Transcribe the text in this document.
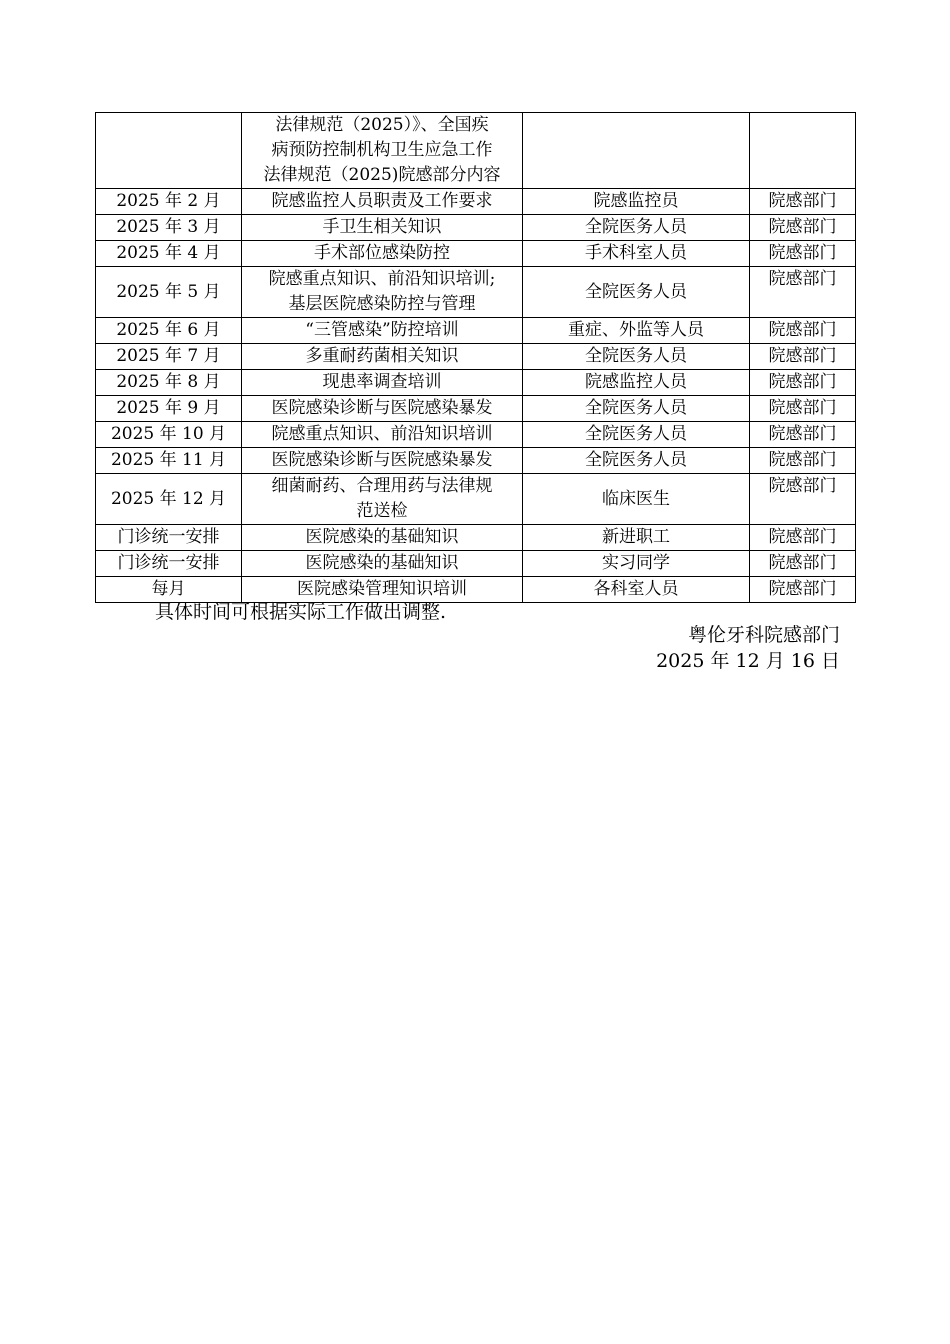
	法律规范（2025）》、全国疾
病预防控制机构卫生应急工作
法律规范（2025)院感部分内容		

2025 年 2 月	院感监控人员职责及工作要求	院感监控员	院感部门
2025 年 3 月	手卫生相关知识	全院医务人员	院感部门
2025 年 4 月	手术部位感染防控	手术科室人员	院感部门
2025 年 5 月	院感重点知识、前沿知识培训;
基层医院感染防控与管理	全院医务人员	院感部门
2025 年 6 月	“三管感染”防控培训	重症、外监等人员	院感部门
2025 年 7 月	多重耐药菌相关知识	全院医务人员	院感部门
2025 年 8 月	现患率调查培训	院感监控人员	院感部门
2025 年 9 月	医院感染诊断与医院感染暴发	全院医务人员	院感部门
2025 年 10 月	院感重点知识、前沿知识培训	全院医务人员	院感部门
2025 年 11 月	医院感染诊断与医院感染暴发	全院医务人员	院感部门
2025 年 12 月	细菌耐药、合理用药与法律规
范送检	临床医生	院感部门
门诊统一安排	医院感染的基础知识	新进职工	院感部门
门诊统一安排	医院感染的基础知识	实习同学	院感部门
每月	医院感染管理知识培训	各科室人员	院感部门
具体时间可根据实际工作做出调整.
粤伦牙科院感部门
2025 年 12 月 16 日
